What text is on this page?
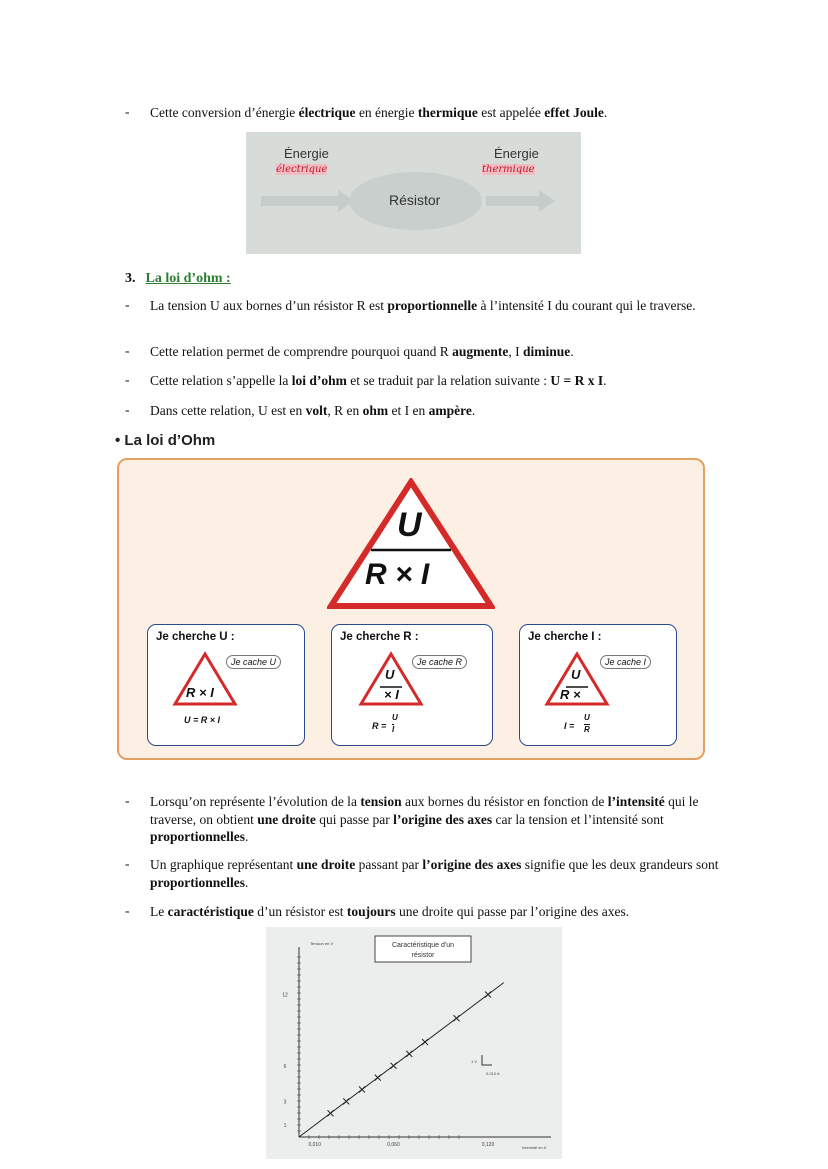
- Cette conversion d’énergie électrique en énergie thermique est appelée effet Joule.
Énergie
électrique
Énergie
thermique
Résistor
3. La loi d’ohm :
- La tension U aux bornes d’un résistor R est proportionnelle à l’intensité I du courant qui le traverse.
- Cette relation permet de comprendre pourquoi quand R augmente, I diminue.
- Cette relation s’appelle la loi d’ohm et se traduit par la relation suivante : U = R x I.
- Dans cette relation, U est en volt, R en ohm et I en ampère.
• La loi d’Ohm
U
R × I
Je cherche U :
Je cache U
R × I
U = R × I
Je cherche R :
Je cache R
U
× I
R =
U
I
Je cherche I :
Je cache I
U
R ×
I =
U
R
- Lorsqu’on représente l’évolution de la tension aux bornes du résistor en fonction de l’intensité qui le traverse, on obtient une droite qui passe par l’origine des axes car la tension et l’intensité sont proportionnelles.
- Un graphique représentant une droite passant par l’origine des axes signifie que les deux grandeurs sont proportionnelles.
- Le caractéristique d’un résistor est toujours une droite qui passe par l’origine des axes.
Caractéristique d'un
résistor
0,010	0,060	0,120
1
3
6
12
Tension en V
Intensité en A
1 V
0,010 A
